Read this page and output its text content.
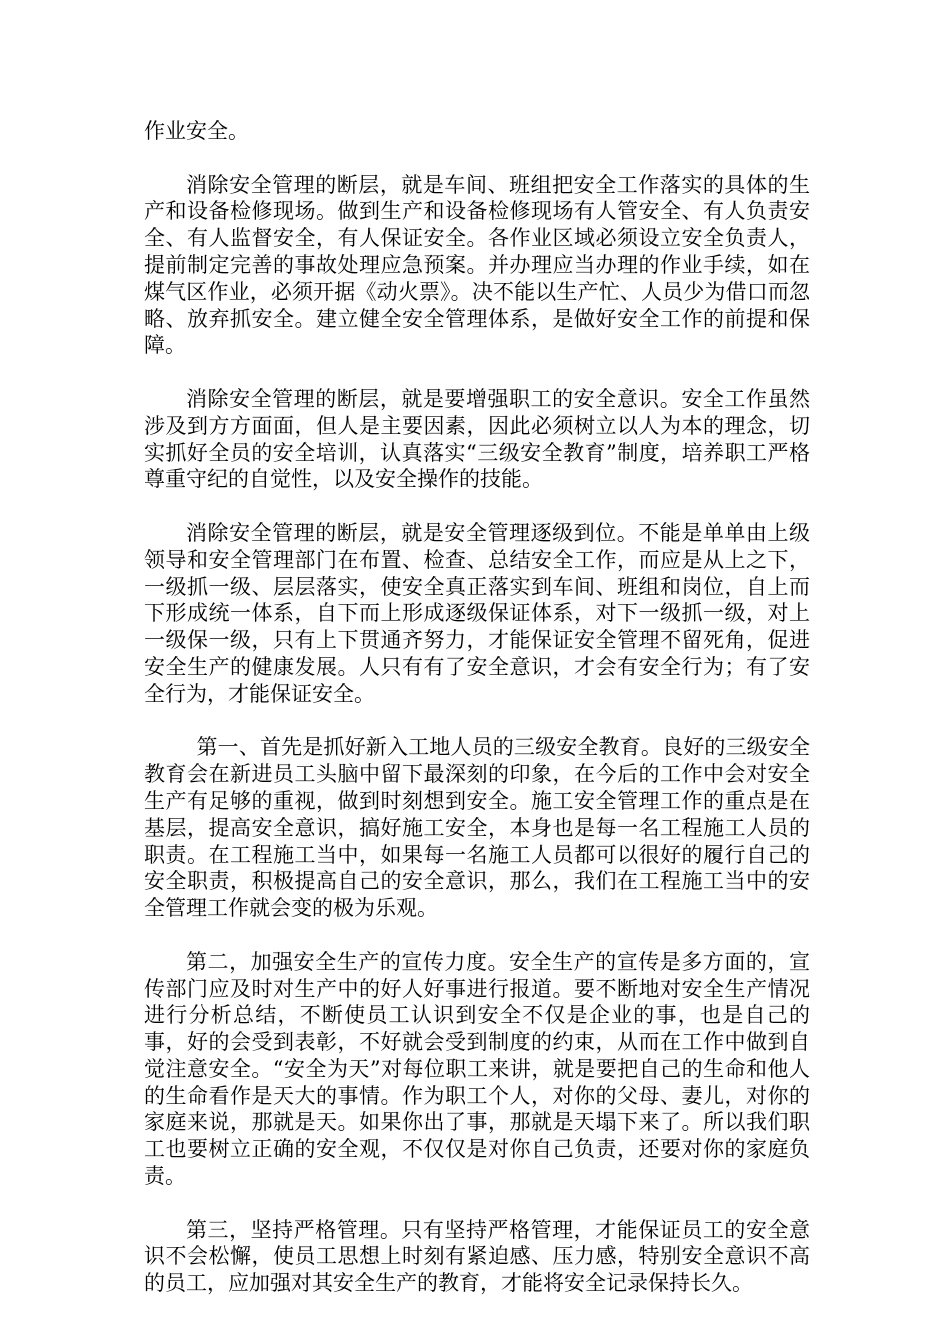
作业安全。

消除安全管理的断层，就是车间、班组把安全工作落实的具体的生产和设备检修现场。做到生产和设备检修现场有人管安全、有人负责安全、有人监督安全，有人保证安全。各作业区域必须设立安全负责人，提前制定完善的事故处理应急预案。并办理应当办理的作业手续，如在煤气区作业，必须开据《动火票》。决不能以生产忙、人员少为借口而忽略、放弃抓安全。建立健全安全管理体系，是做好安全工作的前提和保障。

消除安全管理的断层，就是要增强职工的安全意识。安全工作虽然涉及到方方面面，但人是主要因素，因此必须树立以人为本的理念，切实抓好全员的安全培训，认真落实“三级安全教育”制度，培养职工严格尊重守纪的自觉性，以及安全操作的技能。

消除安全管理的断层，就是安全管理逐级到位。不能是单单由上级领导和安全管理部门在布置、检查、总结安全工作，而应是从上之下，一级抓一级、层层落实，使安全真正落实到车间、班组和岗位，自上而下形成统一体系，自下而上形成逐级保证体系，对下一级抓一级，对上一级保一级，只有上下贯通齐努力，才能保证安全管理不留死角，促进安全生产的健康发展。人只有有了安全意识，才会有安全行为；有了安全行为，才能保证安全。

第一、首先是抓好新入工地人员的三级安全教育。良好的三级安全教育会在新进员工头脑中留下最深刻的印象，在今后的工作中会对安全生产有足够的重视，做到时刻想到安全。施工安全管理工作的重点是在基层，提高安全意识，搞好施工安全，本身也是每一名工程施工人员的职责。在工程施工当中，如果每一名施工人员都可以很好的履行自己的安全职责，积极提高自己的安全意识，那么，我们在工程施工当中的安全管理工作就会变的极为乐观。

第二，加强安全生产的宣传力度。安全生产的宣传是多方面的，宣传部门应及时对生产中的好人好事进行报道。要不断地对安全生产情况进行分析总结，不断使员工认识到安全不仅是企业的事，也是自己的事，好的会受到表彰，不好就会受到制度的约束，从而在工作中做到自觉注意安全。“安全为天”对每位职工来讲，就是要把自己的生命和他人的生命看作是天大的事情。作为职工个人，对你的父母、妻儿，对你的家庭来说，那就是天。如果你出了事，那就是天塌下来了。所以我们职工也要树立正确的安全观，不仅仅是对你自己负责，还要对你的家庭负责。

第三，坚持严格管理。只有坚持严格管理，才能保证员工的安全意识不会松懈，使员工思想上时刻有紧迫感、压力感，特别安全意识不高的员工，应加强对其安全生产的教育，才能将安全记录保持长久。
